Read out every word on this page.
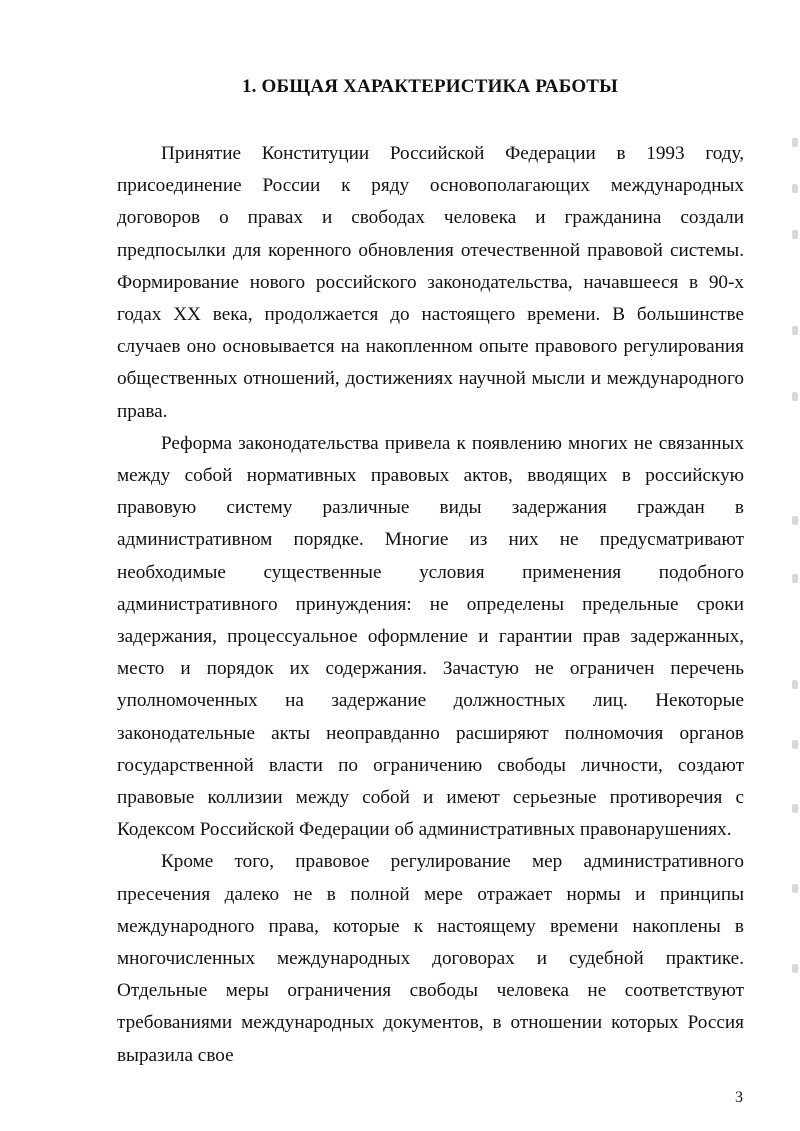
1. ОБЩАЯ ХАРАКТЕРИСТИКА РАБОТЫ

Принятие Конституции Российской Федерации в 1993 году, присоединение России к ряду основополагающих международных договоров о правах и свободах человека и гражданина создали предпосылки для коренного обновления отечественной правовой системы. Формирование нового российского законодательства, начавшееся в 90-х годах XX века, продолжается до настоящего времени. В большинстве случаев оно основывается на накопленном опыте правового регулирования общественных отношений, достижениях научной мысли и международного права.

Реформа законодательства привела к появлению многих не связанных между собой нормативных правовых актов, вводящих в российскую правовую систему различные виды задержания граждан в административном порядке. Многие из них не предусматривают необходимые существенные условия применения подобного административного принуждения: не определены предельные сроки задержания, процессуальное оформление и гарантии прав задержанных, место и порядок их содержания. Зачастую не ограничен перечень уполномоченных на задержание должностных лиц. Некоторые законодательные акты неоправданно расширяют полномочия органов государственной власти по ограничению свободы личности, создают правовые коллизии между собой и имеют серьезные противоречия с Кодексом Российской Федерации об административных правонарушениях.

Кроме того, правовое регулирование мер административного пресечения далеко не в полной мере отражает нормы и принципы международного права, которые к настоящему времени накоплены в многочисленных международных договорах и судебной практике. Отдельные меры ограничения свободы человека не соответствуют требованиями международных документов, в отношении которых Россия выразила свое

3
